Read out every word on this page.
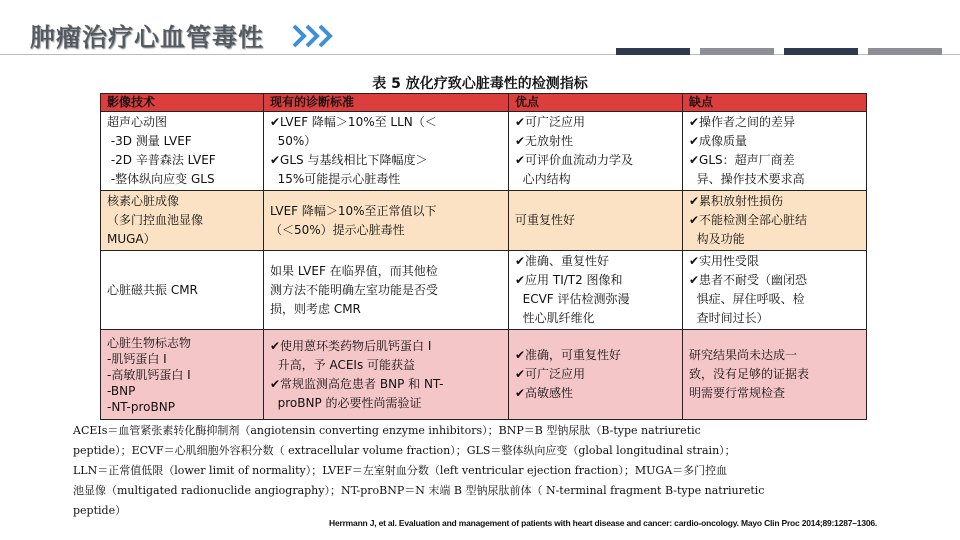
肿瘤治疗心血管毒性
表 5 放化疗致心脏毒性的检测指标
影像技术	现有的诊断标准	优点	缺点

超声心动图
-3D 测量 LVEF
-2D 辛普森法 LVEF
-整体纵向应变 GLS	✔LVEF 降幅＞10%至 LLN（＜
50%）
✔GLS 与基线相比下降幅度＞
15%可能提示心脏毒性	✔可广泛应用
✔无放射性
✔可评价血流动力学及
心内结构	✔操作者之间的差异
✔成像质量
✔GLS：超声厂商差
异、操作技术要求高

核素心脏成像
（多门控血池显像
MUGA）	LVEF 降幅＞10%至正常值以下
（＜50%）提示心脏毒性	可重复性好	✔累积放射性损伤
✔不能检测全部心脏结
构及功能

心脏磁共振 CMR	如果 LVEF 在临界值，而其他检
测方法不能明确左室功能是否受
损，则考虑 CMR	✔准确、重复性好
✔应用 TI/T2 图像和
ECVF 评估检测弥漫
性心肌纤维化	✔实用性受限
✔患者不耐受（幽闭恐
惧症、屏住呼吸、检
查时间过长）

心脏生物标志物
-肌钙蛋白 I
-高敏肌钙蛋白 I
-BNP
-NT-proBNP	✔使用蒽环类药物后肌钙蛋白 I
升高，予 ACEIs 可能获益
✔常规监测高危患者 BNP 和 NT-
proBNP 的必要性尚需验证	✔准确，可重复性好
✔可广泛应用
✔高敏感性	研究结果尚未达成一
致，没有足够的证据表
明需要行常规检查
ACEIs＝血管紧张素转化酶抑制剂（angiotensin converting enzyme inhibitors）；BNP＝B 型钠尿肽（B-type natriuretic
peptide）；ECVF＝心肌细胞外容积分数（ extracellular volume fraction）；GLS＝整体纵向应变（global longitudinal strain）；
LLN＝正常值低限（lower limit of normality）；LVEF＝左室射血分数（left ventricular ejection fraction）；MUGA＝多门控血
池显像（multigated radionuclide angiography）；NT-proBNP＝N 末端 B 型钠尿肽前体（ N-terminal fragment B-type natriuretic
peptide）
Herrmann J, et al. Evaluation and management of patients with heart disease and cancer: cardio-oncology. Mayo Clin Proc 2014;89:1287–1306.
